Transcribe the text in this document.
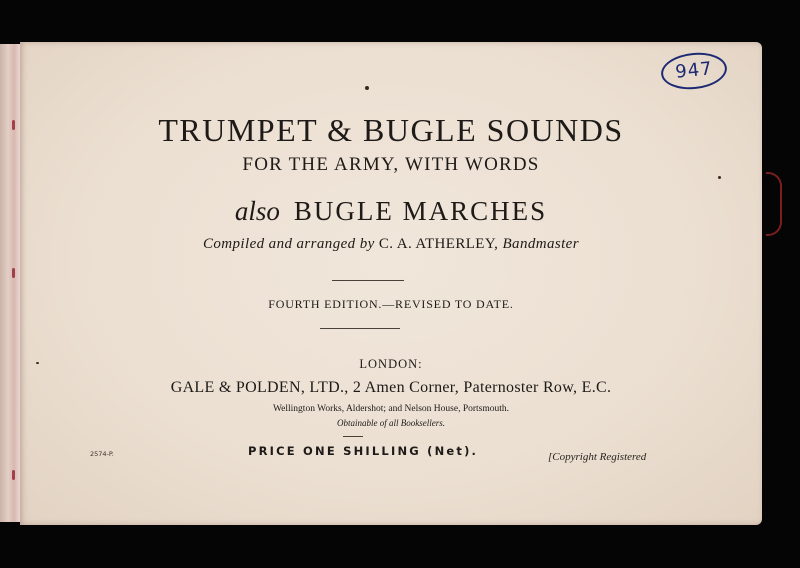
947
TRUMPET & BUGLE SOUNDS
FOR THE ARMY, WITH WORDS
also BUGLE MARCHES
Compiled and arranged by C. A. ATHERLEY, Bandmaster
FOURTH EDITION.—REVISED TO DATE.
LONDON:
GALE & POLDEN, LTD., 2 Amen Corner, Paternoster Row, E.C.
Wellington Works, Aldershot; and Nelson House, Portsmouth.
Obtainable of all Booksellers.
2574-P.	PRICE ONE SHILLING (Net).	[Copyright Registered
